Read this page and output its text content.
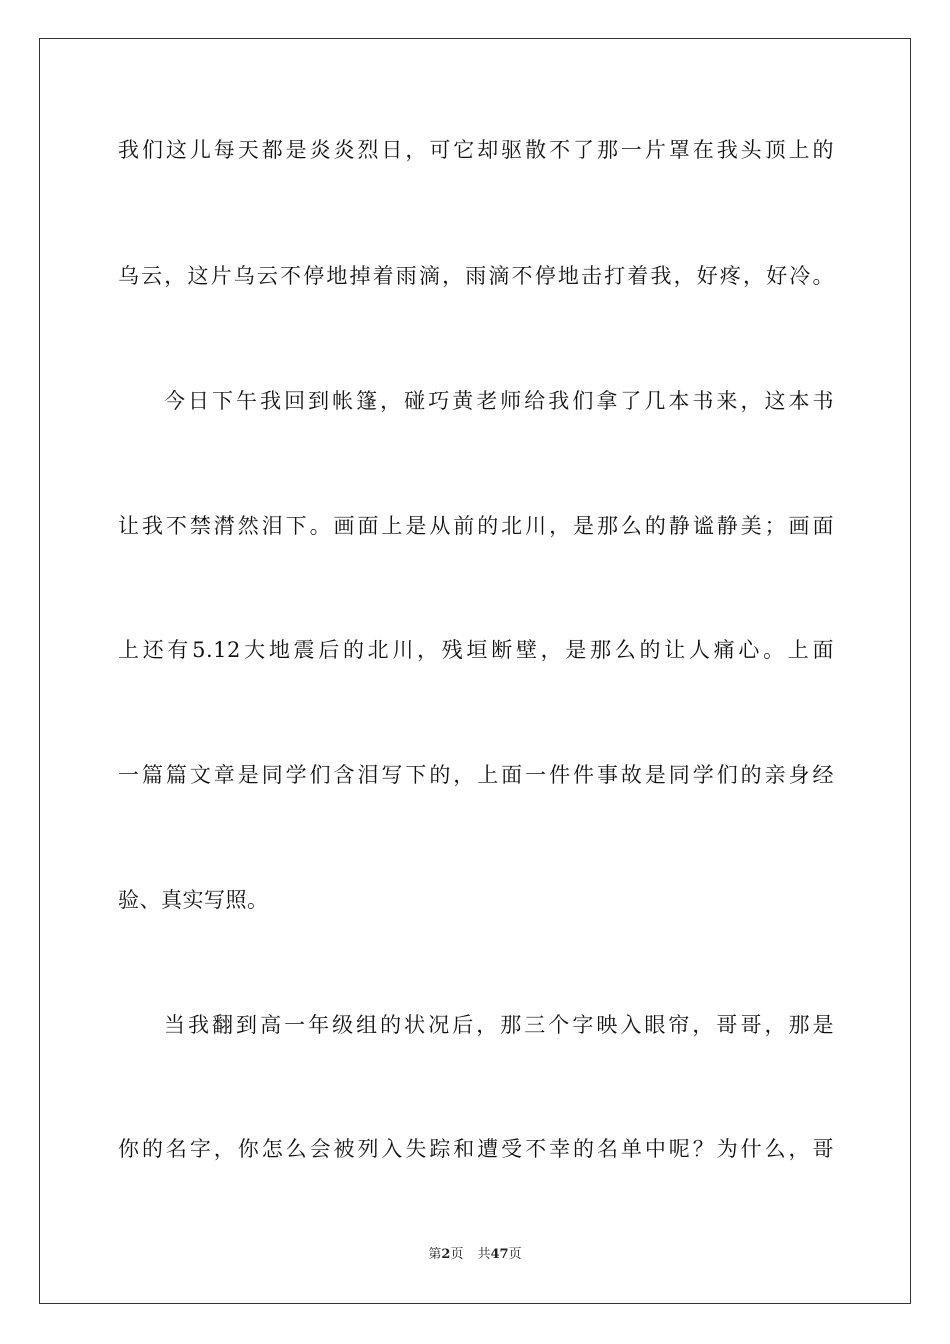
我们这儿每天都是炎炎烈日，可它却驱散不了那一片罩在我头顶上的
乌云，这片乌云不停地掉着雨滴，雨滴不停地击打着我，好疼，好冷。
今日下午我回到帐篷，碰巧黄老师给我们拿了几本书来，这本书
让我不禁潸然泪下。画面上是从前的北川，是那么的静谧静美；画面
上还有5.12大地震后的北川，残垣断壁，是那么的让人痛心。上面
一篇篇文章是同学们含泪写下的，上面一件件事故是同学们的亲身经
验、真实写照。
当我翻到高一年级组的状况后，那三个字映入眼帘，哥哥，那是
你的名字，你怎么会被列入失踪和遭受不幸的名单中呢？为什么，哥
第2页 共47页
